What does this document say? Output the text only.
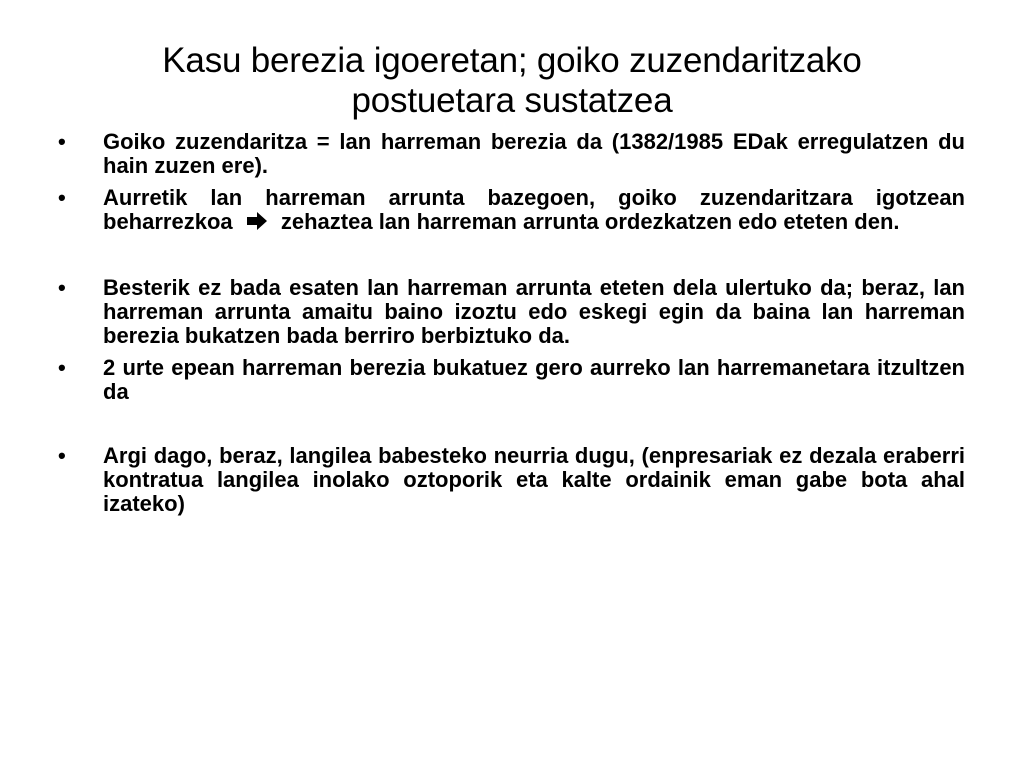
Kasu berezia igoeretan; goiko zuzendaritzako
postuetara sustatzea
• Goiko zuzendaritza = lan harreman berezia da (1382/1985 EDak erregulatzen du hain zuzen ere).
• Aurretik lan harreman arrunta bazegoen, goiko zuzendaritzara igotzean beharrezkoa zehaztea lan harreman arrunta ordezkatzen edo eteten den.
• Besterik ez bada esaten lan harreman arrunta eteten dela ulertuko da; beraz, lan harreman arrunta amaitu baino izoztu edo eskegi egin da baina lan harreman berezia bukatzen bada berriro berbiztuko da.
• 2 urte epean harreman berezia bukatuez gero aurreko lan harremanetara itzultzen da
• Argi dago, beraz, langilea babesteko neurria dugu, (enpresariak ez dezala eraberri kontratua langilea inolako oztoporik eta kalte ordainik eman gabe bota ahal izateko)
